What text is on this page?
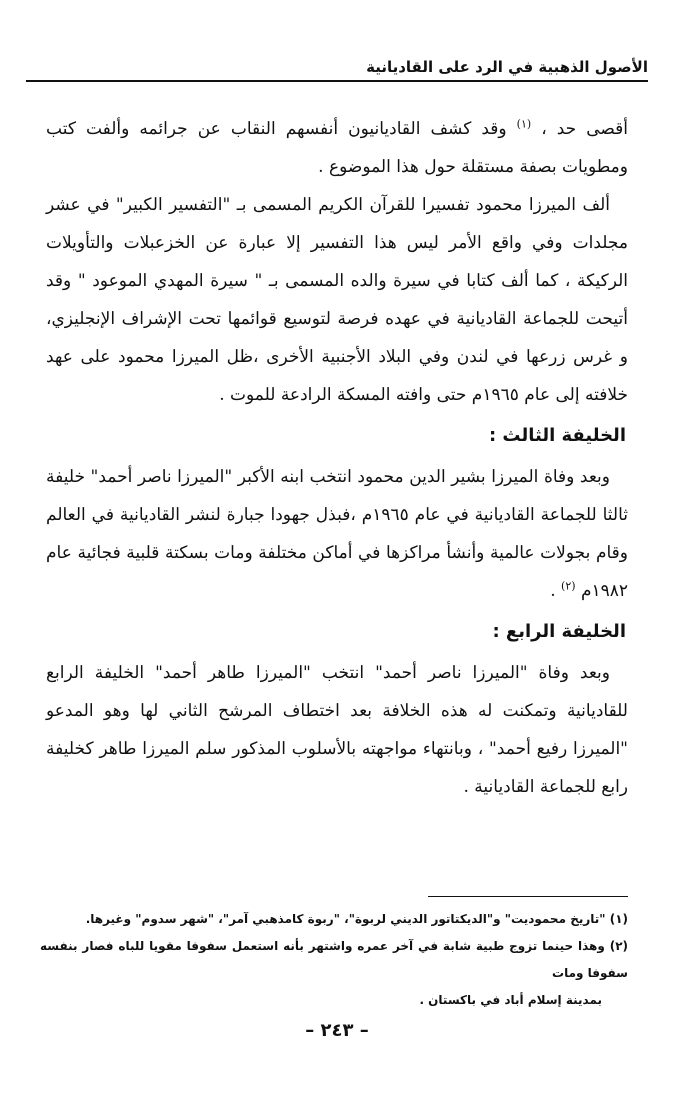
الأصول الذهبية في الرد على القاديانية

أقصى حد ، $^{(١)}$ وقد كشف القاديانيون أنفسهم النقاب عن جرائمه وألفت كتب ومطويات بصفة مستقلة حول هذا الموضوع .

ألف الميرزا محمود تفسيرا للقرآن الكريم المسمى بـ "التفسير الكبير" في عشر مجلدات وفي واقع الأمر ليس هذا التفسير إلا عبارة عن الخزعبلات والتأويلات الركيكة ، كما ألف كتابا في سيرة والده المسمى بـ " سيرة المهدي الموعود " وقد أتيحت للجماعة القاديانية في عهده فرصة لتوسيع قوائمها تحت الإشراف الإنجليزي، و غرس زرعها في لندن وفي البلاد الأجنبية الأخرى ،ظل الميرزا محمود على عهد خلافته إلى عام ١٩٦٥م حتى وافته المسكة الرادعة للموت .

الخليفة الثالث :

وبعد وفاة الميرزا بشير الدين محمود انتخب ابنه الأكبر "الميرزا ناصر أحمد" خليفة ثالثا للجماعة القاديانية في عام ١٩٦٥م ،فبذل جهودا جبارة لنشر القاديانية في العالم وقام بجولات عالمية وأنشأ مراكزها في أماكن مختلفة ومات بسكتة قلبية فجائية عام ١٩٨٢م $^{(٢)}$ .

الخليفة الرابع :

وبعد وفاة "الميرزا ناصر أحمد" انتخب "الميرزا طاهر أحمد" الخليفة الرابع للقاديانية وتمكنت له هذه الخلافة بعد اختطاف المرشح الثاني لها وهو المدعو "الميرزا رفيع أحمد" ، وبانتهاء مواجهته بالأسلوب المذكور سلم الميرزا طاهر كخليفة رابع للجماعة القاديانية .

(١) "تاريخ محموديت" و"الديكتاتور الديني لربوة"، "ربوة كامذهبي آمر"، "شهر سدوم" وغيرها.

(٢) وهذا حينما تزوج طبية شابة في آخر عمره واشتهر بأنه استعمل سفوفا مقويا للباه فصار بنفسه سفوفا ومات

بمدينة إسلام أباد في باكستان .

– ٢٤٣ –
